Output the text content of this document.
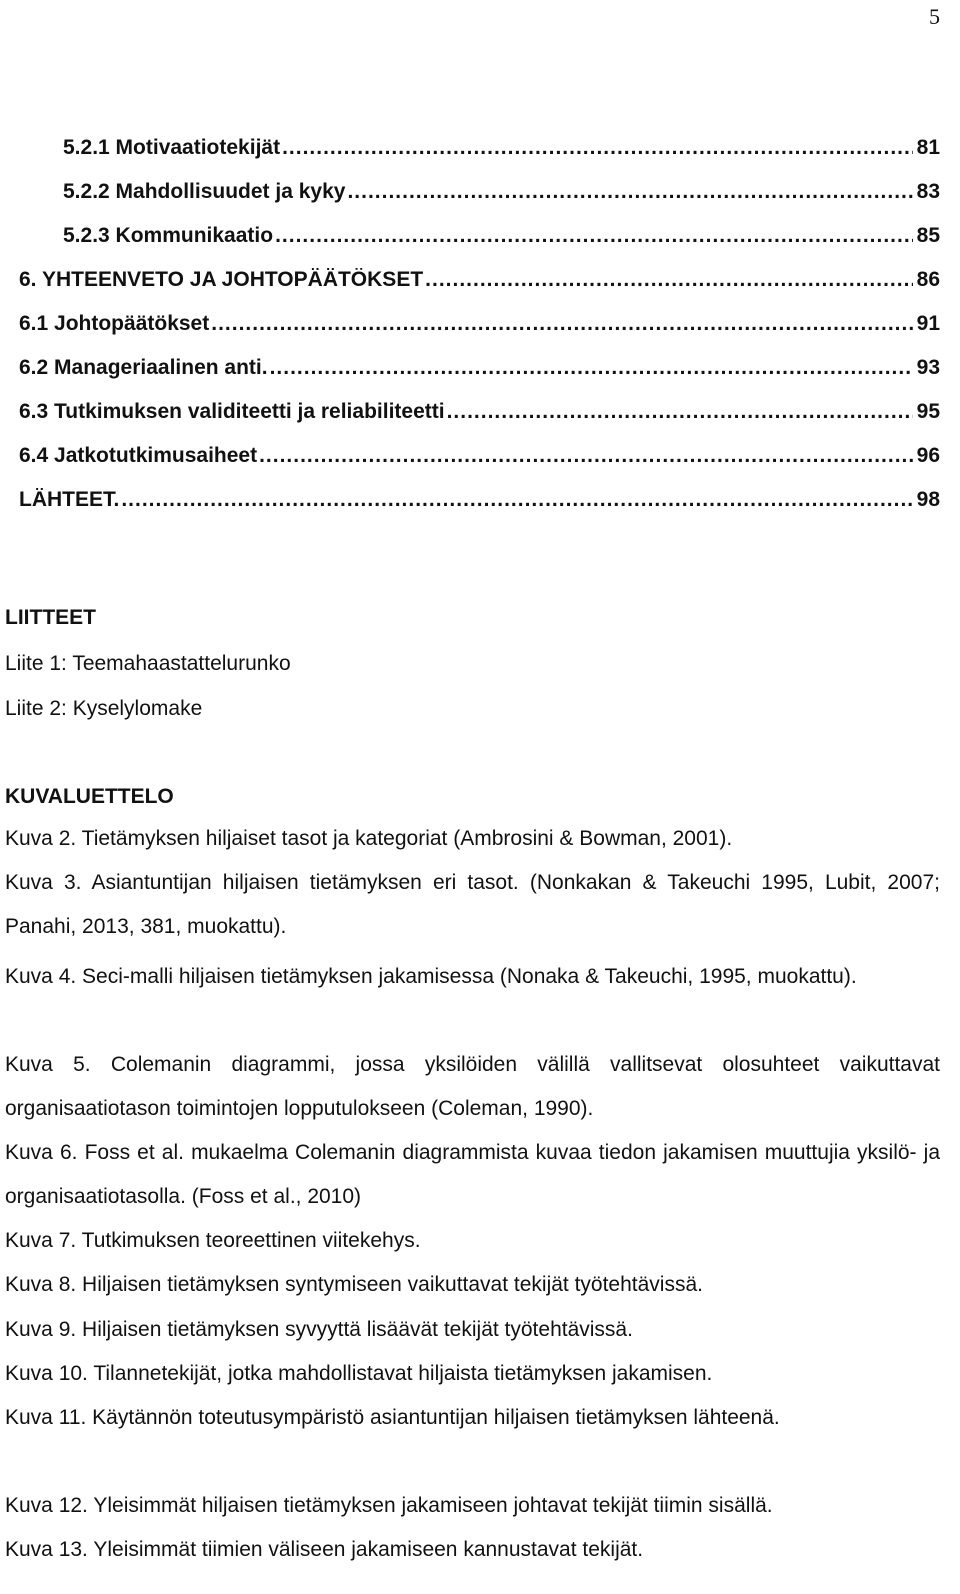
5
5.2.1 Motivaatiotekijät .....	81
5.2.2 Mahdollisuudet ja kyky .....	83
5.2.3 Kommunikaatio .....	85
6. YHTEENVETO JA JOHTOPÄÄTÖKSET .....	86
6.1 Johtopäätökset .....	91
6.2 Manageriaalinen anti. .....	93
6.3 Tutkimuksen validiteetti ja reliabiliteetti .....	95
6.4 Jatkotutkimusaiheet .....	96
LÄHTEET. .....	98
LIITTEET
Liite 1: Teemahaastattelurunko
Liite 2: Kyselylomake
KUVALUETTELO
Kuva 2. Tietämyksen hiljaiset tasot ja kategoriat (Ambrosini & Bowman, 2001).
Kuva 3. Asiantuntijan hiljaisen tietämyksen eri tasot. (Nonkakan & Takeuchi 1995, Lubit, 2007; Panahi, 2013, 381, muokattu).
Kuva 4. Seci-malli hiljaisen tietämyksen jakamisessa (Nonaka & Takeuchi, 1995, muokattu).
Kuva 5. Colemanin diagrammi, jossa yksilöiden välillä vallitsevat olosuhteet vaikuttavat organisaatiotason toimintojen lopputulokseen (Coleman, 1990).
Kuva 6. Foss et al. mukaelma Colemanin diagrammista kuvaa tiedon jakamisen muuttujia yksilö- ja organisaatiotasolla. (Foss et al., 2010)
Kuva 7. Tutkimuksen teoreettinen viitekehys.
Kuva 8. Hiljaisen tietämyksen syntymiseen vaikuttavat tekijät työtehtävissä.
Kuva 9. Hiljaisen tietämyksen syvyyttä lisäävät tekijät työtehtävissä.
Kuva 10. Tilannetekijät, jotka mahdollistavat hiljaista tietämyksen jakamisen.
Kuva 11. Käytännön toteutusympäristö asiantuntijan hiljaisen tietämyksen lähteenä.
Kuva 12. Yleisimmät hiljaisen tietämyksen jakamiseen johtavat tekijät tiimin sisällä.
Kuva 13. Yleisimmät tiimien väliseen jakamiseen kannustavat tekijät.
